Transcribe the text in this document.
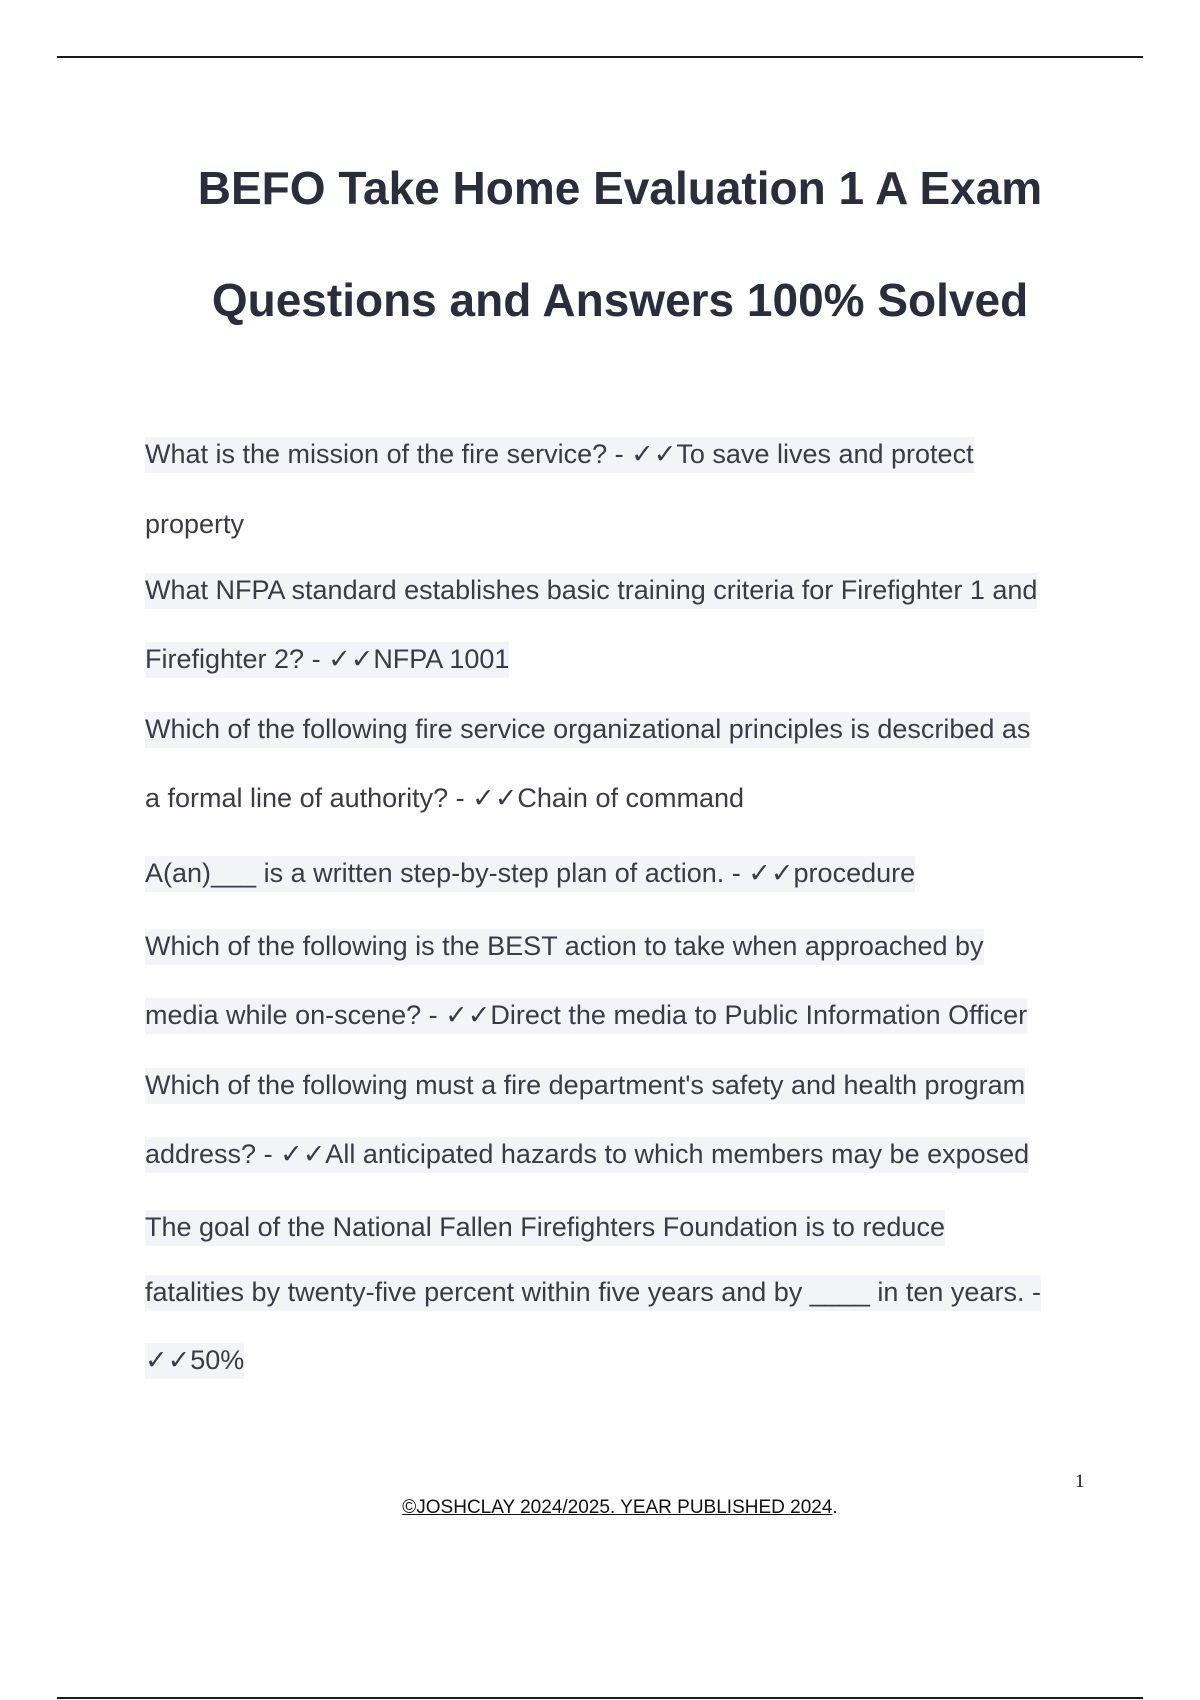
BEFO Take Home Evaluation 1 A Exam
Questions and Answers 100% Solved
What is the mission of the fire service? - ✓✓To save lives and protect
property
What NFPA standard establishes basic training criteria for Firefighter 1 and
Firefighter 2? - ✓✓NFPA 1001
Which of the following fire service organizational principles is described as
a formal line of authority? - ✓✓Chain of command
A(an)___ is a written step-by-step plan of action. - ✓✓procedure
Which of the following is the BEST action to take when approached by
media while on-scene? - ✓✓Direct the media to Public Information Officer
Which of the following must a fire department's safety and health program
address? - ✓✓All anticipated hazards to which members may be exposed
The goal of the National Fallen Firefighters Foundation is to reduce
fatalities by twenty-five percent within five years and by ____ in ten years. -
✓✓50%
1
©JOSHCLAY 2024/2025. YEAR PUBLISHED 2024.
